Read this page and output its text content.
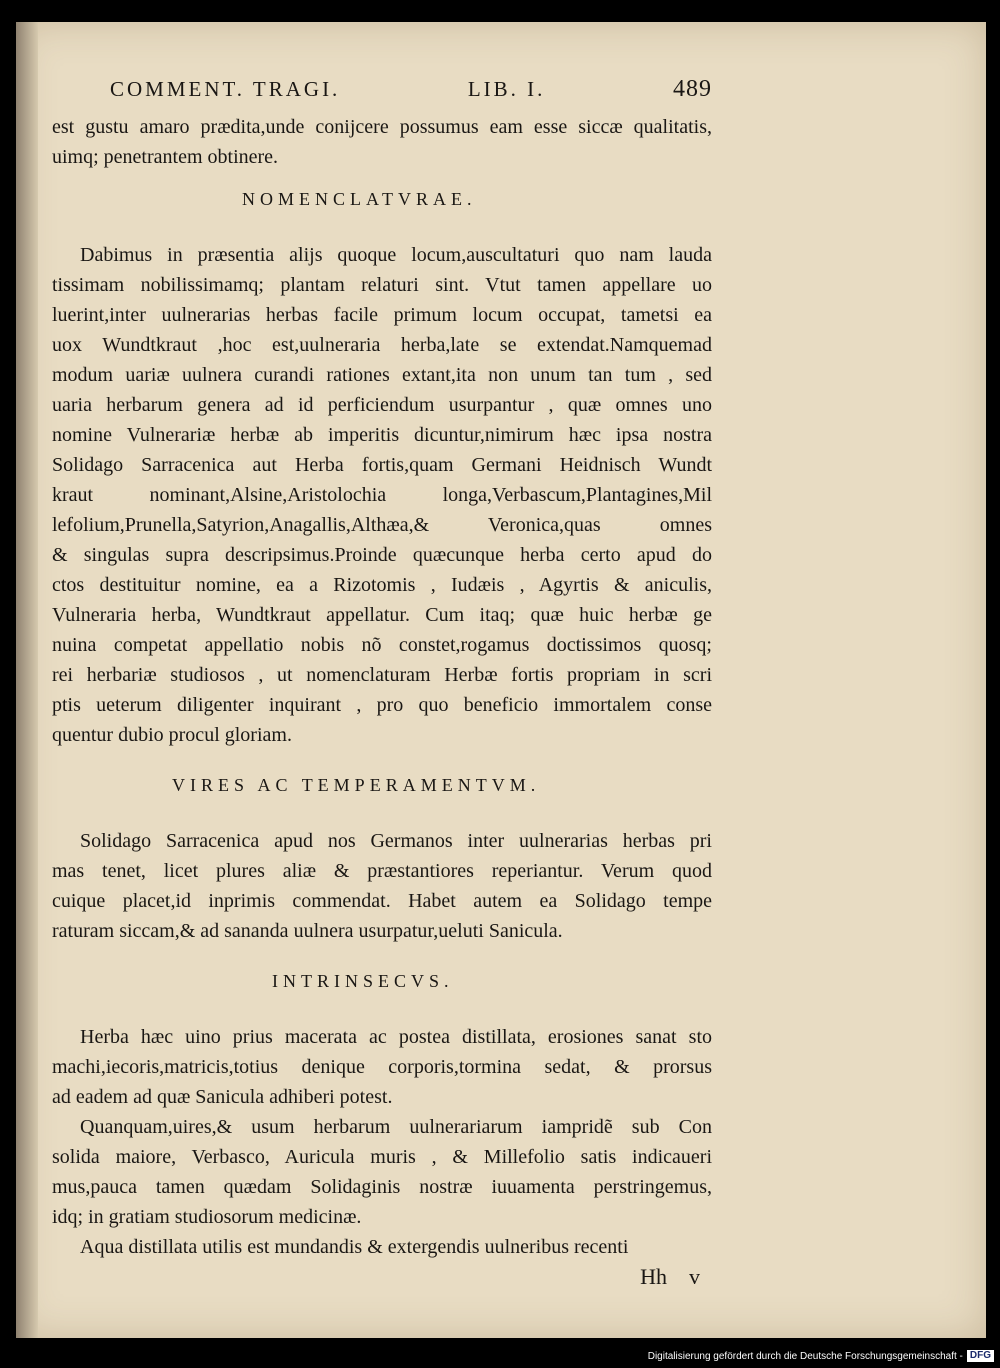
COMMENT. TRAGI.	LIB. I.	489
est gustu amaro prædita,unde conijcere possumus eam esse siccæ qualitatis,
uimq; penetrantem obtinere.
NOMENCLATVRAE.
Dabimus in præsentia alijs quoque locum,auscultaturi quo nam lauda
tissimam nobilissimamq; plantam relaturi sint. Vtut tamen appellare uo
luerint,inter uulnerarias herbas facile primum locum occupat, tametsi ea
uox Wundtkraut ,hoc est,uulneraria herba,late se extendat.Namquemad
modum uariæ uulnera curandi rationes extant,ita non unum tan tum , sed
uaria herbarum genera ad id perficiendum usurpantur , quæ omnes uno
nomine Vulnerariæ herbæ ab imperitis dicuntur,nimirum hæc ipsa nostra
Solidago Sarracenica aut Herba fortis,quam Germani Heidnisch Wundt
kraut nominant,Alsine,Aristolochia longa,Verbascum,Plantagines,Mil
lefolium,Prunella,Satyrion,Anagallis,Althæa,& Veronica,quas omnes
& singulas supra descripsimus.Proinde quæcunque herba certo apud do
ctos destituitur nomine, ea a Rizotomis , Iudæis , Agyrtis & aniculis,
Vulneraria herba, Wundtkraut appellatur. Cum itaq; quæ huic herbæ ge
nuina competat appellatio nobis nõ constet,rogamus doctissimos quosq;
rei herbariæ studiosos , ut nomenclaturam Herbæ fortis propriam in scri
ptis ueterum diligenter inquirant , pro quo beneficio immortalem conse
quentur dubio procul gloriam.
VIRES AC TEMPERAMENTVM.
Solidago Sarracenica apud nos Germanos inter uulnerarias herbas pri
mas tenet, licet plures aliæ & præstantiores reperiantur. Verum quod
cuique placet,id inprimis commendat. Habet autem ea Solidago tempe
raturam siccam,& ad sananda uulnera usurpatur,ueluti Sanicula.
INTRINSECVS.
Herba hæc uino prius macerata ac postea distillata, erosiones sanat sto
machi,iecoris,matricis,totius denique corporis,tormina sedat, & prorsus
ad eadem ad quæ Sanicula adhiberi potest.
Quanquam,uires,& usum herbarum uulnerariarum iampridẽ sub Con
solida maiore, Verbasco, Auricula muris , & Millefolio satis indicaueri
mus,pauca tamen quædam Solidaginis nostræ iuuamenta perstringemus,
idq; in gratiam studiosorum medicinæ.
Aqua distillata utilis est mundandis & extergendis uulneribus recenti
Hh v
Digitalisierung gefördert durch die Deutsche Forschungsgemeinschaft - DFG
